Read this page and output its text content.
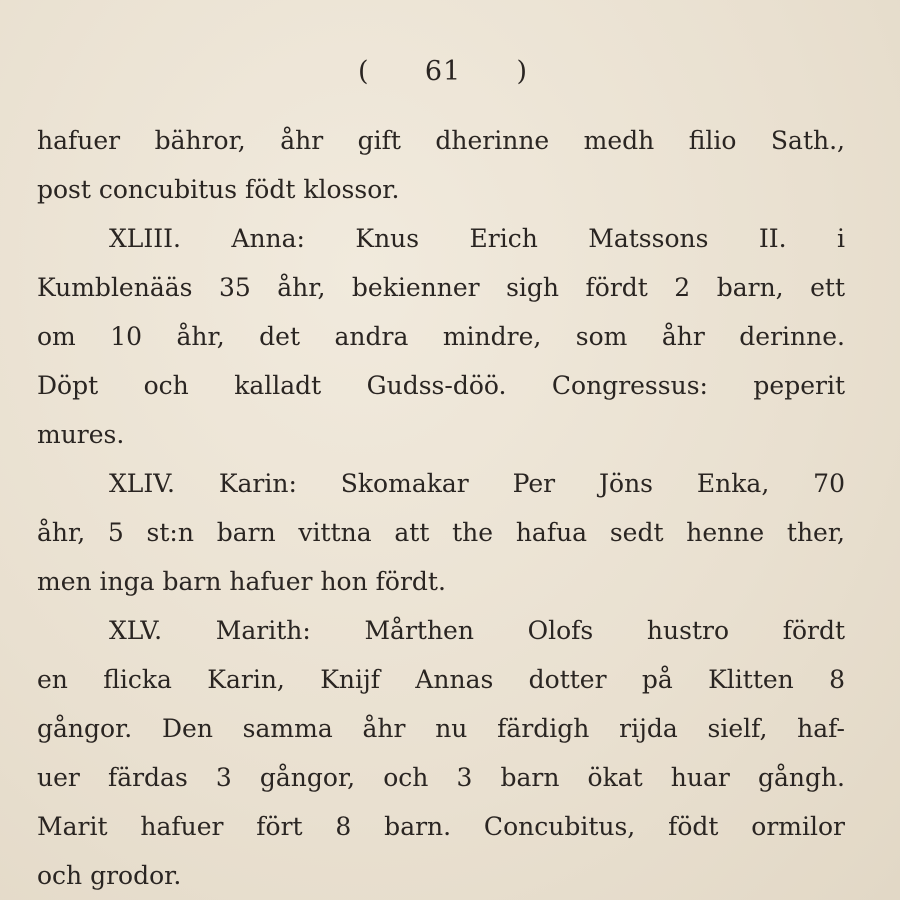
( 61 )
hafuer bähror, åhr gift dherinne medh filio Sath.,
post concubitus födt klossor.
XLIII. Anna: Knus Erich Matssons II. i
Kumblenääs 35 åhr, bekienner sigh fördt 2 barn, ett
om 10 åhr, det andra mindre, som åhr derinne.
Döpt och kalladt Gudss-döö. Congressus: peperit
mures.
XLIV. Karin: Skomakar Per Jöns Enka, 70
åhr, 5 st:n barn vittna att the hafua sedt henne ther,
men inga barn hafuer hon fördt.
XLV. Marith: Mårthen Olofs hustro fördt
en flicka Karin, Knijf Annas dotter på Klitten 8
gångor. Den samma åhr nu färdigh rijda sielf, haf-
uer färdas 3 gångor, och 3 barn ökat huar gångh.
Marit hafuer fört 8 barn. Concubitus, födt ormilor
och grodor.
